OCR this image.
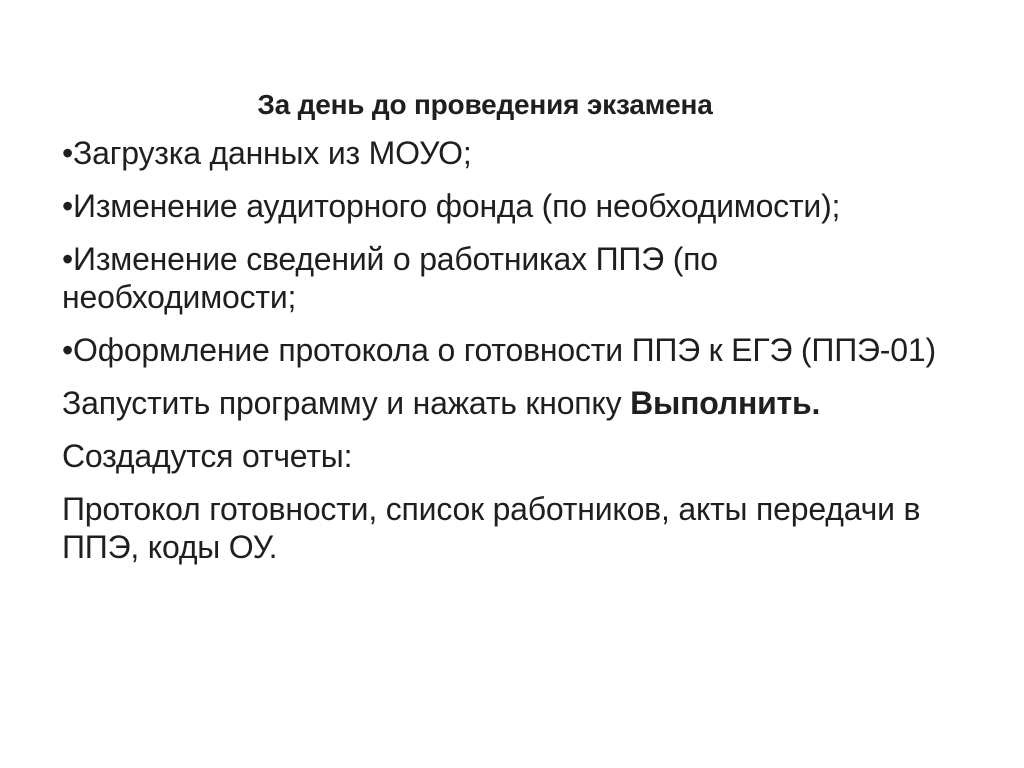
За день до проведения экзамена
•Загрузка данных из МОУО;
•Изменение аудиторного фонда (по необходимости);
•Изменение сведений о работниках ППЭ (по необходимости;
•Оформление протокола о готовности ППЭ к ЕГЭ (ППЭ-01)
Запустить программу и нажать кнопку Выполнить.
Создадутся отчеты:
Протокол готовности, список работников, акты передачи в ППЭ, коды ОУ.
